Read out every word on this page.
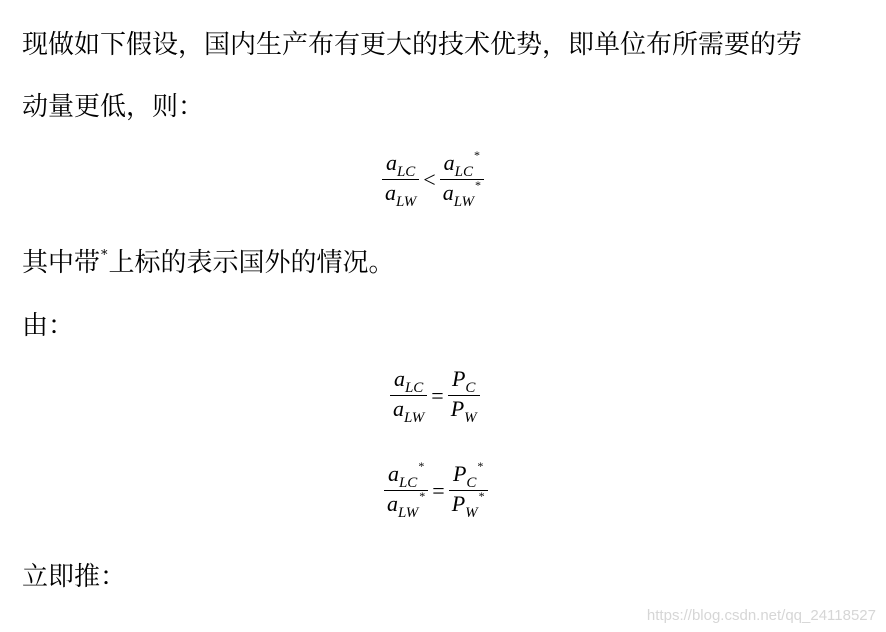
现做如下假设，国内生产布有更大的技术优势，即单位布所需要的劳

动量更低，则：

$\frac{\text{a LC}}{\text{a LW}} < a$ LC
*
a LW
*

其中带*上标的表示国外的情况。

由：

$\frac{\text{a LC}}{\text{a LW}} = \frac{\text{P C}}{\text{P W}}$
a LC
*
a LW
* = P C
*
P W
*

立即推：

https://blog.csdn.net/qq_24118527
